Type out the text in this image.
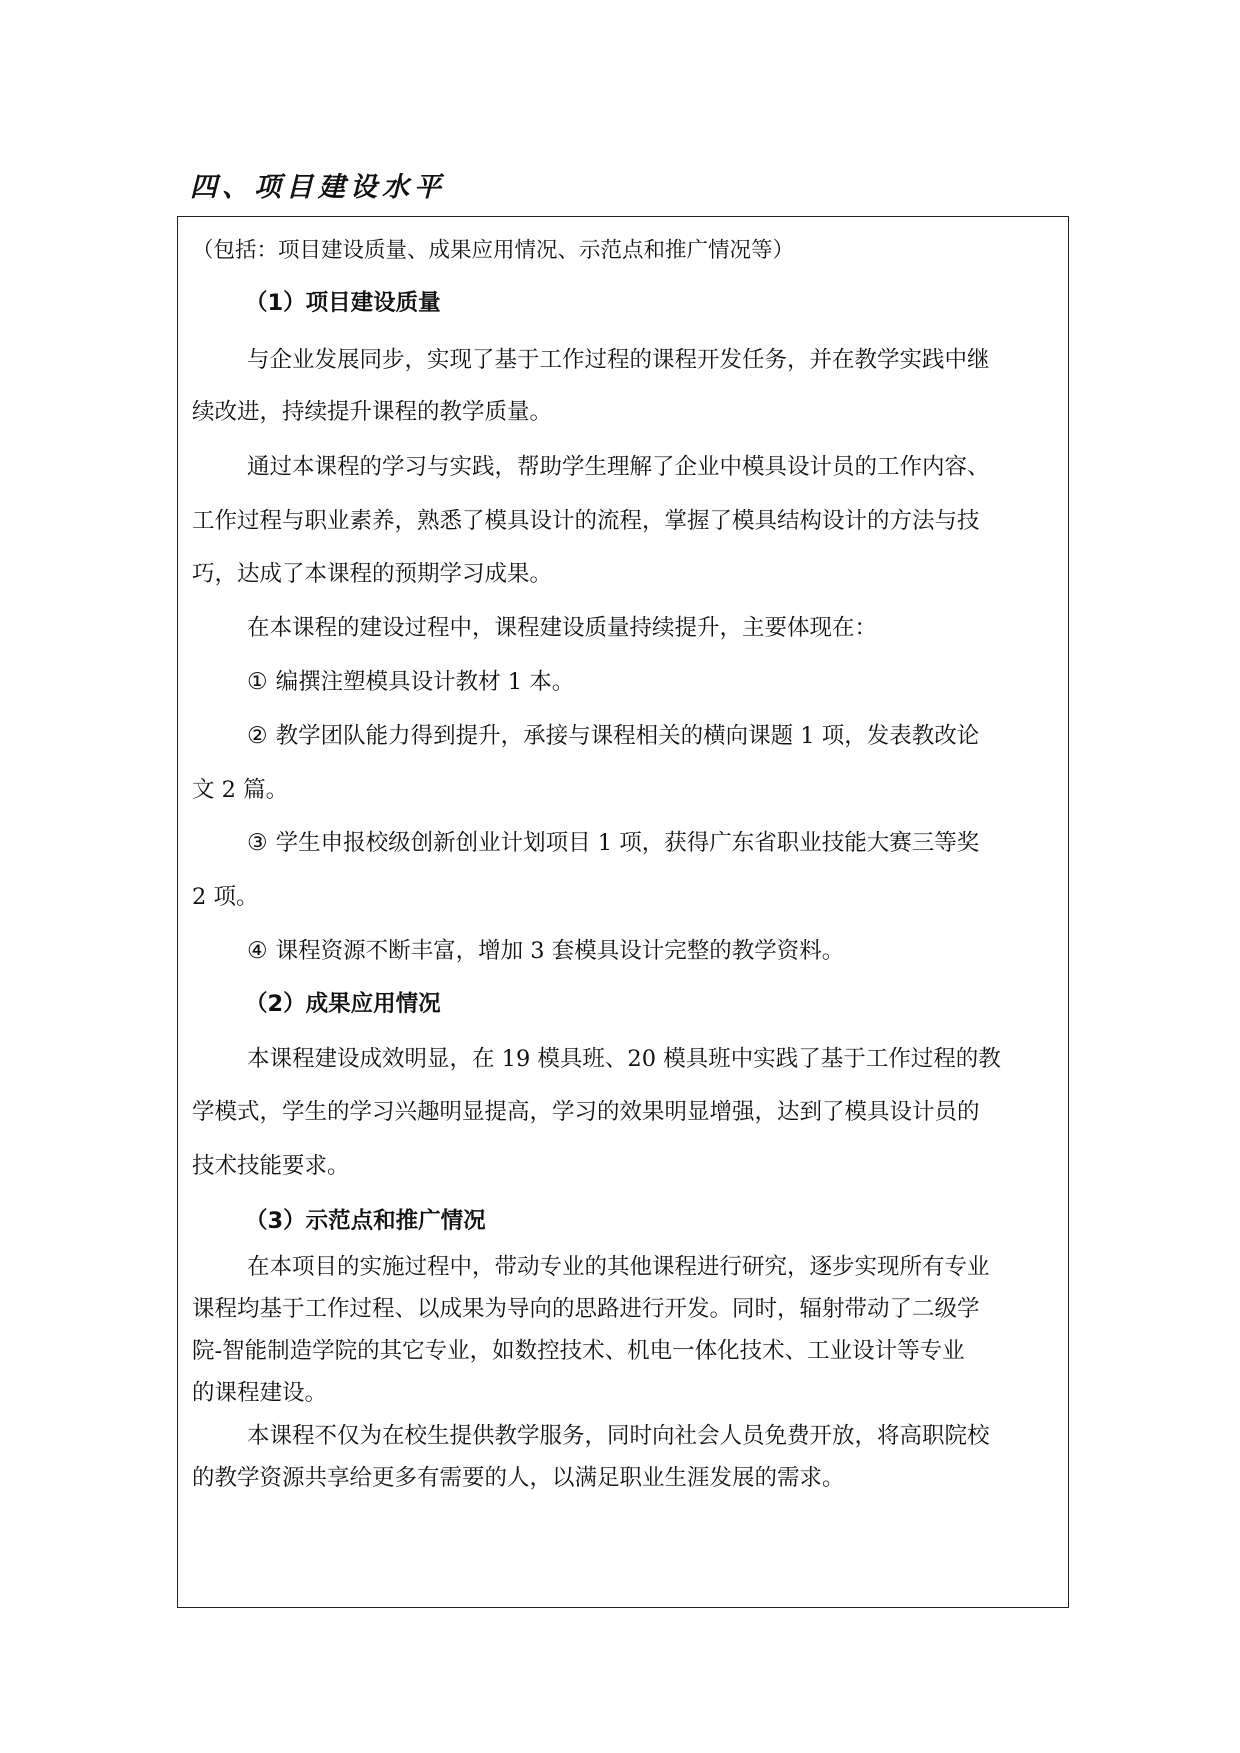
四、项目建设水平
（包括：项目建设质量、成果应用情况、示范点和推广情况等）
（1）项目建设质量
与企业发展同步，实现了基于工作过程的课程开发任务，并在教学实践中继
续改进，持续提升课程的教学质量。
通过本课程的学习与实践，帮助学生理解了企业中模具设计员的工作内容、
工作过程与职业素养，熟悉了模具设计的流程，掌握了模具结构设计的方法与技
巧，达成了本课程的预期学习成果。
在本课程的建设过程中，课程建设质量持续提升，主要体现在：
① 编撰注塑模具设计教材 1 本。
② 教学团队能力得到提升，承接与课程相关的横向课题 1 项，发表教改论
文 2 篇。
③ 学生申报校级创新创业计划项目 1 项，获得广东省职业技能大赛三等奖
2 项。
④ 课程资源不断丰富，增加 3 套模具设计完整的教学资料。
（2）成果应用情况
本课程建设成效明显，在 19 模具班、20 模具班中实践了基于工作过程的教
学模式，学生的学习兴趣明显提高，学习的效果明显增强，达到了模具设计员的
技术技能要求。
（3）示范点和推广情况
在本项目的实施过程中，带动专业的其他课程进行研究，逐步实现所有专业
课程均基于工作过程、以成果为导向的思路进行开发。同时，辐射带动了二级学
院-智能制造学院的其它专业，如数控技术、机电一体化技术、工业设计等专业
的课程建设。
本课程不仅为在校生提供教学服务，同时向社会人员免费开放，将高职院校
的教学资源共享给更多有需要的人，以满足职业生涯发展的需求。
